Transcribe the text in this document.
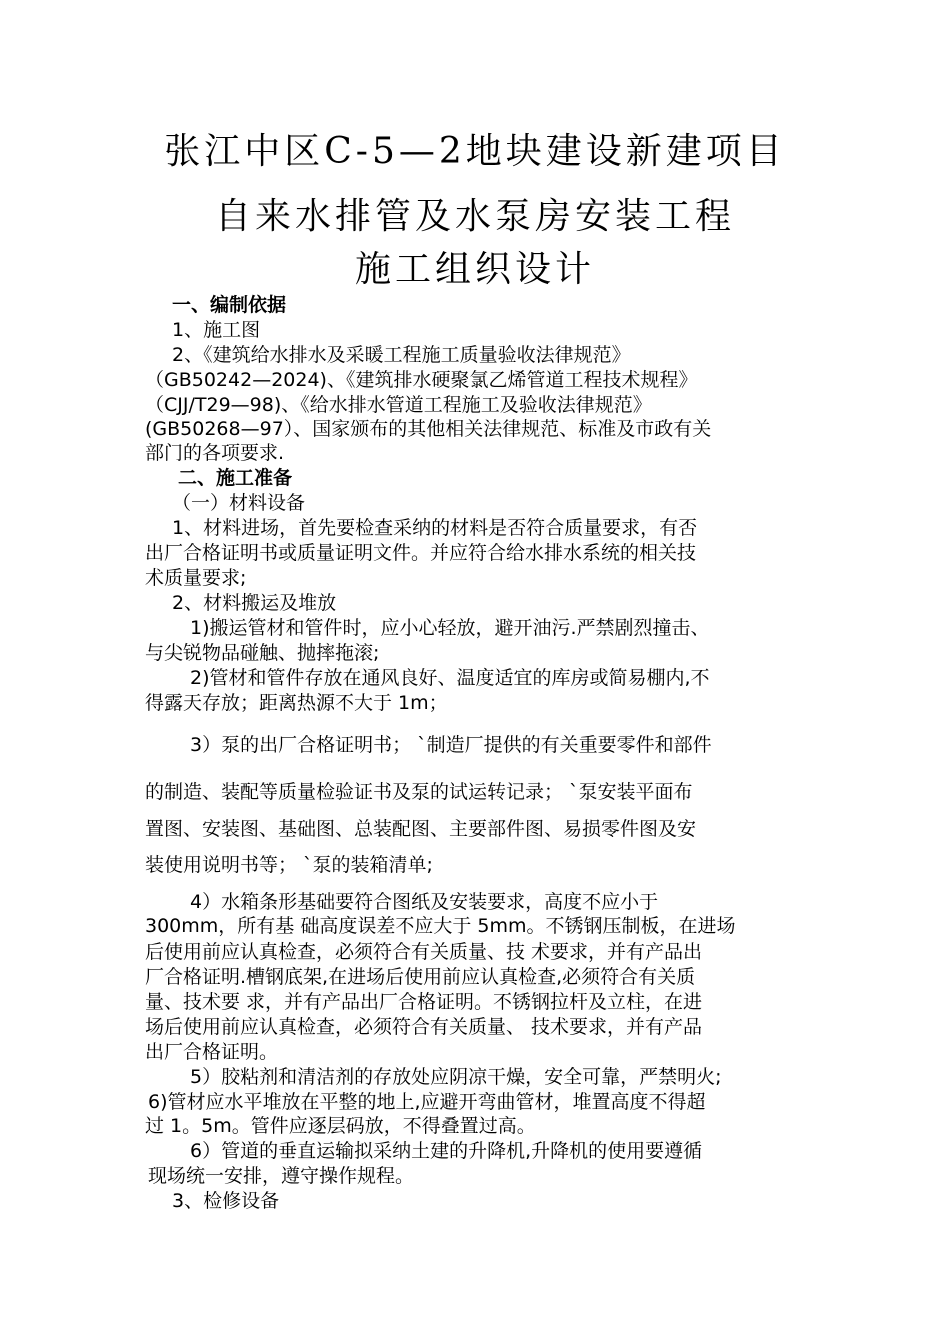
张江中区C-5—2地块建设新建项目
自来水排管及水泵房安装工程
施工组织设计
一、编制依据
1、施工图
2、《建筑给水排水及采暖工程施工质量验收法律规范》
（GB50242—2024)、《建筑排水硬聚氯乙烯管道工程技术规程》
（CJJ/T29—98)、《给水排水管道工程施工及验收法律规范》
(GB50268—97）、国家颁布的其他相关法律规范、标准及市政有关
部门的各项要求.
二、施工准备
（一）材料设备
1、材料进场，首先要检查采纳的材料是否符合质量要求，有否
出厂合格证明书或质量证明文件。并应符合给水排水系统的相关技
术质量要求;
2、材料搬运及堆放
1)搬运管材和管件时，应小心轻放，避开油污.严禁剧烈撞击、
与尖锐物品碰触、抛摔拖滚;
2)管材和管件存放在通风良好、温度适宜的库房或简易棚内,不
得露天存放；距离热源不大于 1m；
3）泵的出厂合格证明书； `制造厂提供的有关重要零件和部件
的制造、装配等质量检验证书及泵的试运转记录； `泵安装平面布
置图、安装图、基础图、总装配图、主要部件图、易损零件图及安
装使用说明书等； `泵的装箱清单;
4）水箱条形基础要符合图纸及安装要求，高度不应小于
300mm，所有基 础高度误差不应大于 5mm。不锈钢压制板，在进场
后使用前应认真检查，必须符合有关质量、技 术要求，并有产品出
厂合格证明.槽钢底架,在进场后使用前应认真检查,必须符合有关质
量、技术要 求，并有产品出厂合格证明。不锈钢拉杆及立柱，在进
场后使用前应认真检查，必须符合有关质量、 技术要求，并有产品
出厂合格证明。
5）胶粘剂和清洁剂的存放处应阴凉干燥，安全可靠，严禁明火;
6)管材应水平堆放在平整的地上,应避开弯曲管材，堆置高度不得超
过 1。5m。管件应逐层码放，不得叠置过高。
6）管道的垂直运输拟采纳土建的升降机,升降机的使用要遵循
现场统一安排，遵守操作规程。
3、检修设备
